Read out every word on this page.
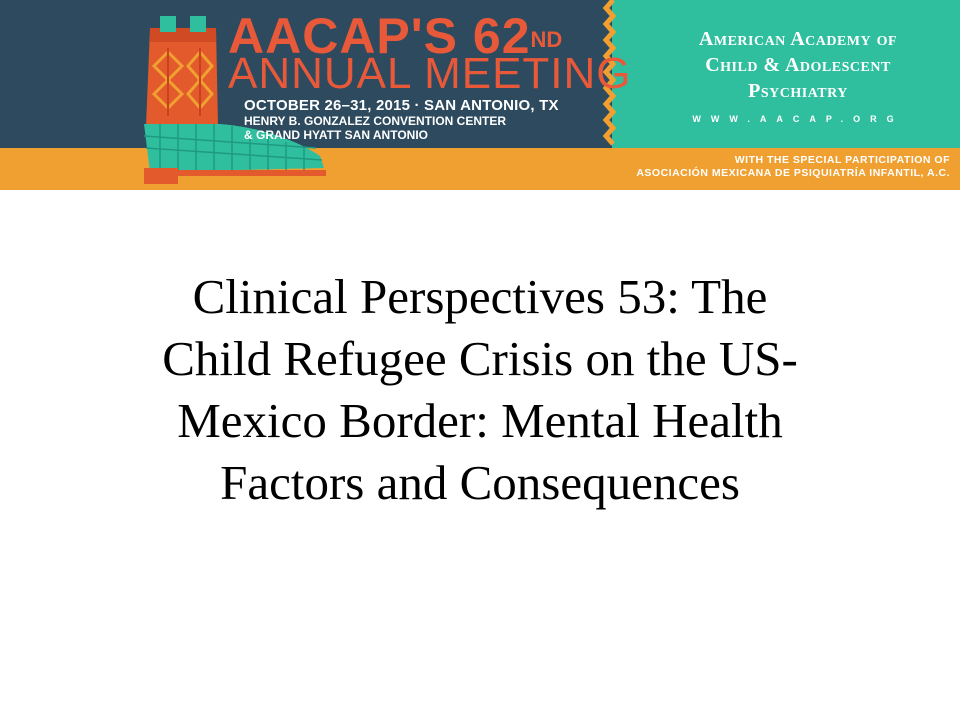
AACAP'S 62ND
ANNUAL MEETING
OCTOBER 26–31, 2015 · SAN ANTONIO, TX
HENRY B. GONZALEZ CONVENTION CENTER
& GRAND HYATT SAN ANTONIO
American Academy of
Child & Adolescent
Psychiatry
WWW.AACAP.ORG
WITH THE SPECIAL PARTICIPATION OF
ASOCIACIÓN MEXICANA DE PSIQUIATRÍA INFANTIL, A.C.
Clinical Perspectives 53: The
Child Refugee Crisis on the US-
Mexico Border: Mental Health
Factors and Consequences
